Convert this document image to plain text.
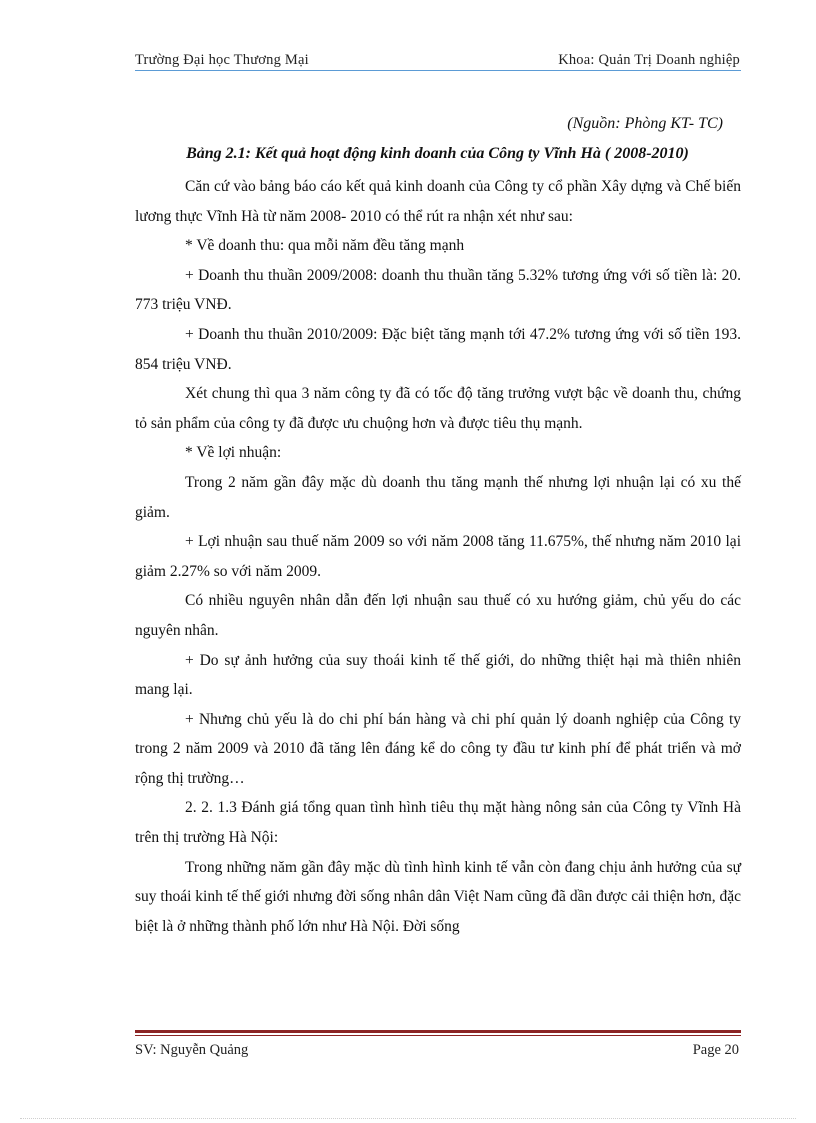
Trường Đại học Thương Mại	Khoa: Quản Trị Doanh nghiệp
(Nguồn: Phòng KT- TC)
Bảng 2.1: Kết quả hoạt động kinh doanh của Công ty Vĩnh Hà ( 2008-2010)

Căn cứ vào bảng báo cáo kết quả kinh doanh của Công ty cổ phần Xây dựng và Chế biến lương thực Vĩnh Hà từ năm 2008- 2010 có thể rút ra nhận xét như sau:

* Về doanh thu: qua mỗi năm đều tăng mạnh

+ Doanh thu thuần 2009/2008: doanh thu thuần tăng 5.32% tương ứng với số tiền là: 20. 773 triệu VNĐ.

+ Doanh thu thuần 2010/2009: Đặc biệt tăng mạnh tới 47.2% tương ứng với số tiền 193. 854 triệu VNĐ.

Xét chung thì qua 3 năm công ty đã có tốc độ tăng trưởng vượt bậc về doanh thu, chứng tỏ sản phẩm của công ty đã được ưu chuộng hơn và được tiêu thụ mạnh.

* Về lợi nhuận:

Trong 2 năm gần đây mặc dù doanh thu tăng mạnh thế nhưng lợi nhuận lại có xu thế giảm.

+ Lợi nhuận sau thuế năm 2009 so với năm 2008 tăng 11.675%, thế nhưng năm 2010 lại giảm 2.27% so với năm 2009.

Có nhiều nguyên nhân dẫn đến lợi nhuận sau thuế có xu hướng giảm, chủ yếu do các nguyên nhân.

+ Do sự ảnh hưởng của suy thoái kinh tế thế giới, do những thiệt hại mà thiên nhiên mang lại.

+ Nhưng chủ yếu là do chi phí bán hàng và chi phí quản lý doanh nghiệp của Công ty trong 2 năm 2009 và 2010 đã tăng lên đáng kể do công ty đầu tư kinh phí để phát triển và mở rộng thị trường…

2. 2. 1.3 Đánh giá tổng quan tình hình tiêu thụ mặt hàng nông sản của Công ty Vĩnh Hà trên thị trường Hà Nội:

Trong những năm gần đây mặc dù tình hình kinh tế vẫn còn đang chịu ảnh hưởng của sự suy thoái kinh tế thế giới nhưng đời sống nhân dân Việt Nam cũng đã dần được cải thiện hơn, đặc biệt là ở những thành phố lớn như Hà Nội. Đời sống

SV: Nguyễn Quảng	Page 20
